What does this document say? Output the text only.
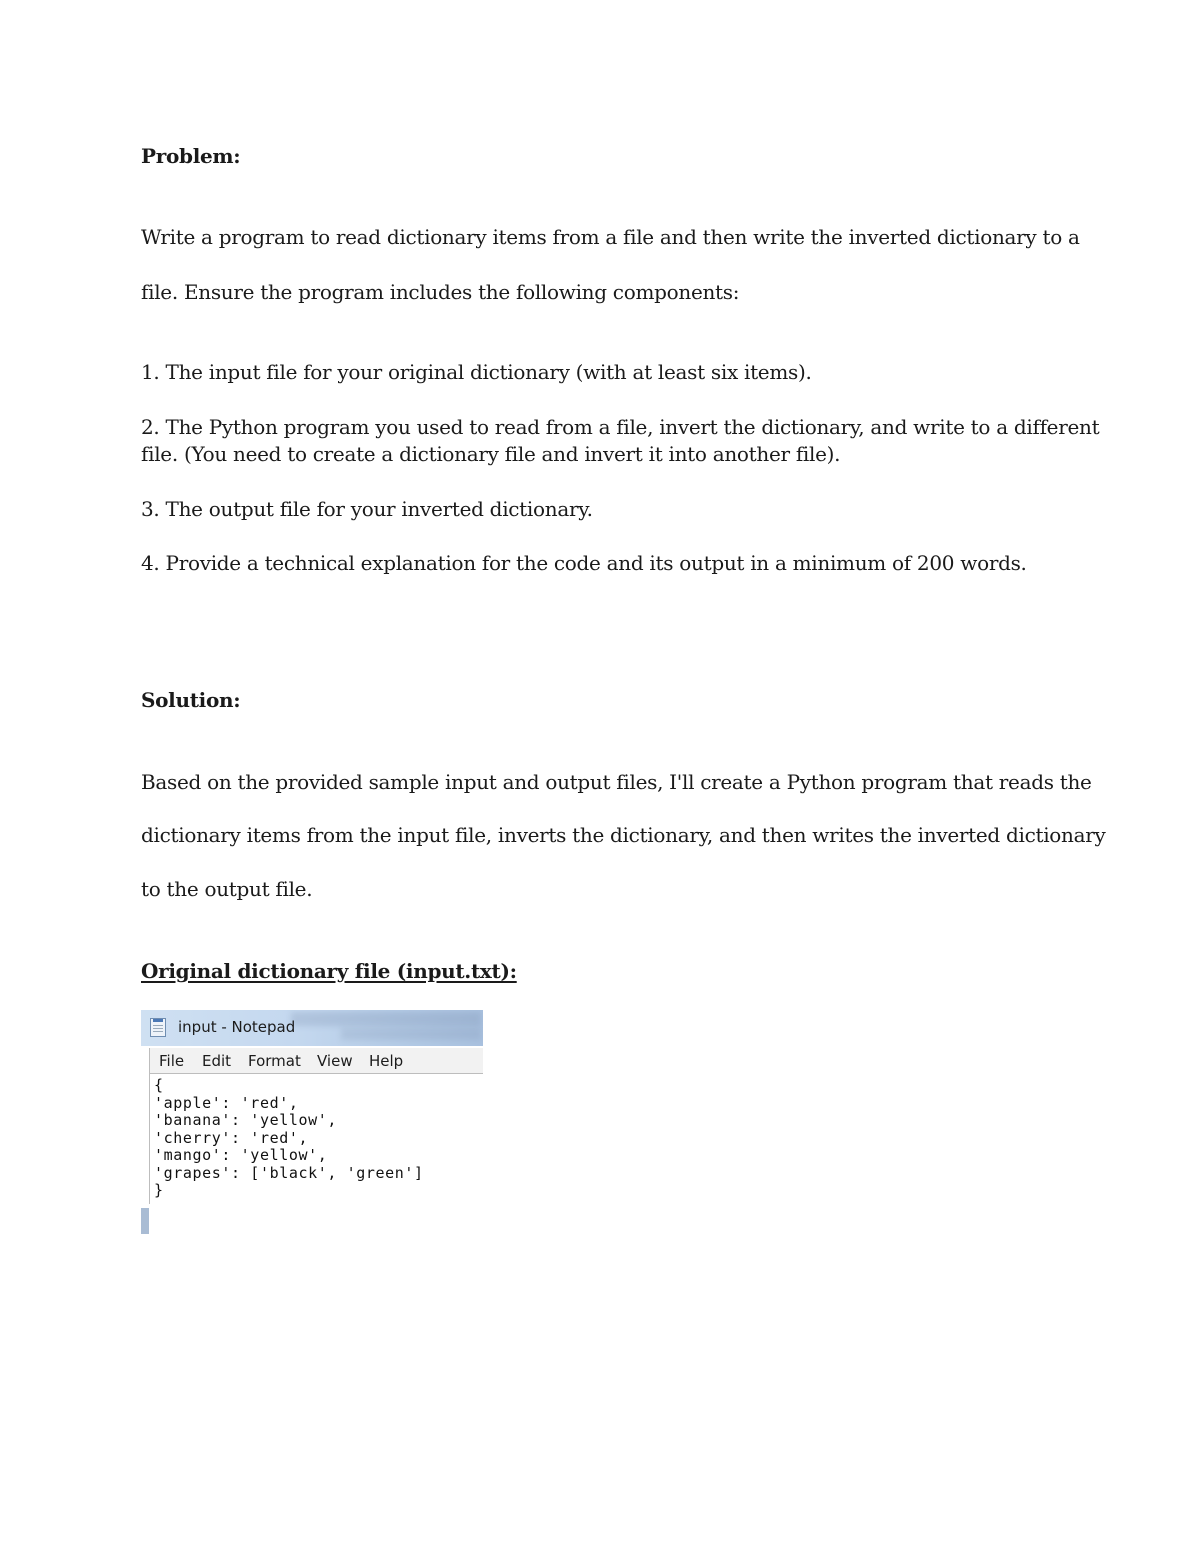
Problem:
Write a program to read dictionary items from a file and then write the inverted dictionary to a
file. Ensure the program includes the following components:
1. The input file for your original dictionary (with at least six items).
2. The Python program you used to read from a file, invert the dictionary, and write to a different
file. (You need to create a dictionary file and invert it into another file).
3. The output file for your inverted dictionary.
4. Provide a technical explanation for the code and its output in a minimum of 200 words.
Solution:
Based on the provided sample input and output files, I'll create a Python program that reads the
dictionary items from the input file, inverts the dictionary, and then writes the inverted dictionary
to the output file.
Original dictionary file (input.txt):
input - Notepad
File Edit Format View Help
{
'apple': 'red',
'banana': 'yellow',
'cherry': 'red',
'mango': 'yellow',
'grapes': ['black', 'green']
}
